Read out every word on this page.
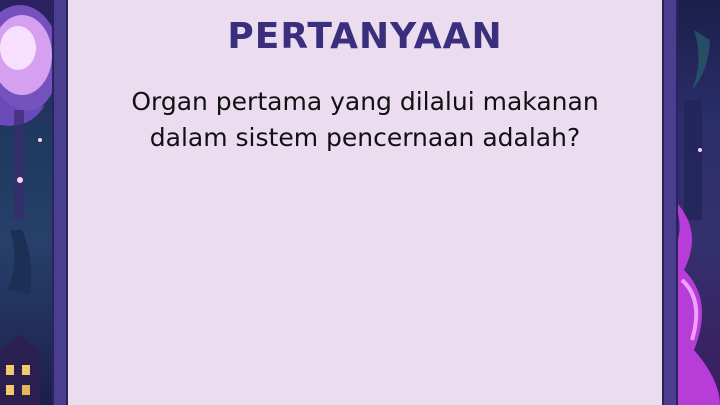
PERTANYAAN
Organ pertama yang dilalui makanan
dalam sistem pencernaan adalah?
